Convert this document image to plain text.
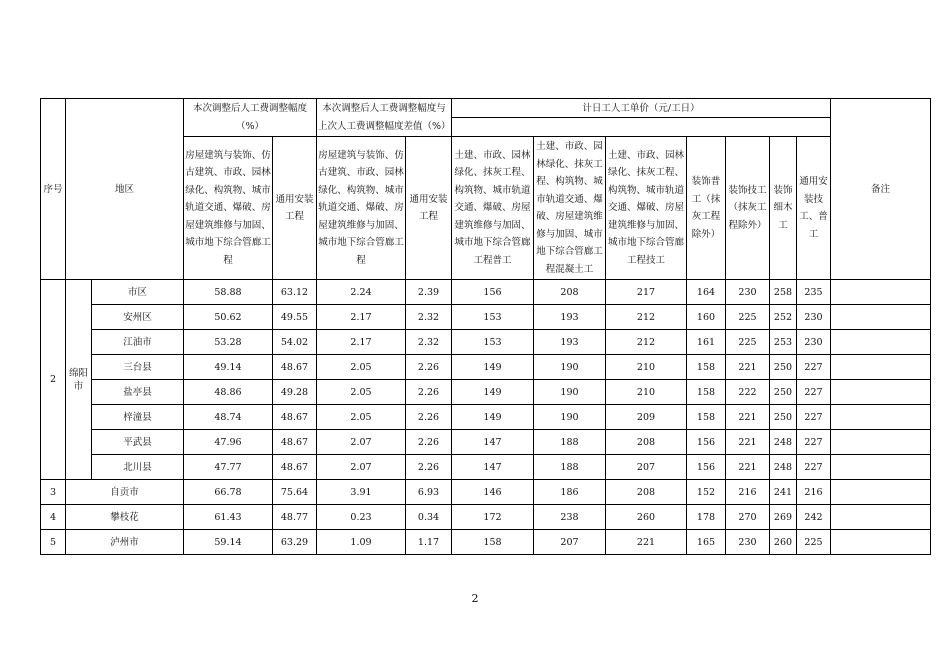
序号	地区		本次调整后人工费调整幅度（%）		本次调整后人工费调整幅度与上次人工费调整幅度差值（%）		计日工人工单价（元/工日）							备注

			房屋建筑与装饰、仿古建筑、市政、园林绿化、构筑物、城市轨道交通、爆破、房屋建筑维修与加固、城市地下综合管廊工程	通用安装工程	房屋建筑与装饰、仿古建筑、市政、园林绿化、构筑物、城市轨道交通、爆破、房屋建筑维修与加固、城市地下综合管廊工程	通用安装工程	土建、市政、园林绿化、抹灰工程、构筑物、城市轨道交通、爆破、房屋建筑维修与加固、城市地下综合管廊工程普工	土建、市政、园林绿化、抹灰工程、构筑物、城市轨道交通、爆破、房屋建筑维修与加固、城市地下综合管廊工程混凝土工	土建、市政、园林绿化、抹灰工程、构筑物、城市轨道交通、爆破、房屋建筑维修与加固、城市地下综合管廊工程技工	装饰普工（抹灰工程除外）	装饰技工（抹灰工程除外）	装饰细木工	通用安装技工、普工	
2	绵阳市	市区	58.88	63.12	2.24	2.39	156	208	217	164	230	258	235	
		安州区	50.62	49.55	2.17	2.32	153	193	212	160	225	252	230	
		江油市	53.28	54.02	2.17	2.32	153	193	212	161	225	253	230	
		三台县	49.14	48.67	2.05	2.26	149	190	210	158	221	250	227	
		盐亭县	48.86	49.28	2.05	2.26	149	190	210	158	222	250	227	
		梓潼县	48.74	48.67	2.05	2.26	149	190	209	158	221	250	227	
		平武县	47.96	48.67	2.07	2.26	147	188	208	156	221	248	227	
		北川县	47.77	48.67	2.07	2.26	147	188	207	156	221	248	227	
3	自贡市		66.78	75.64	3.91	6.93	146	186	208	152	216	241	216	
4	攀枝花		61.43	48.77	0.23	0.34	172	238	260	178	270	269	242	
5	泸州市		59.14	63.29	1.09	1.17	158	207	221	165	230	260	225	
2
